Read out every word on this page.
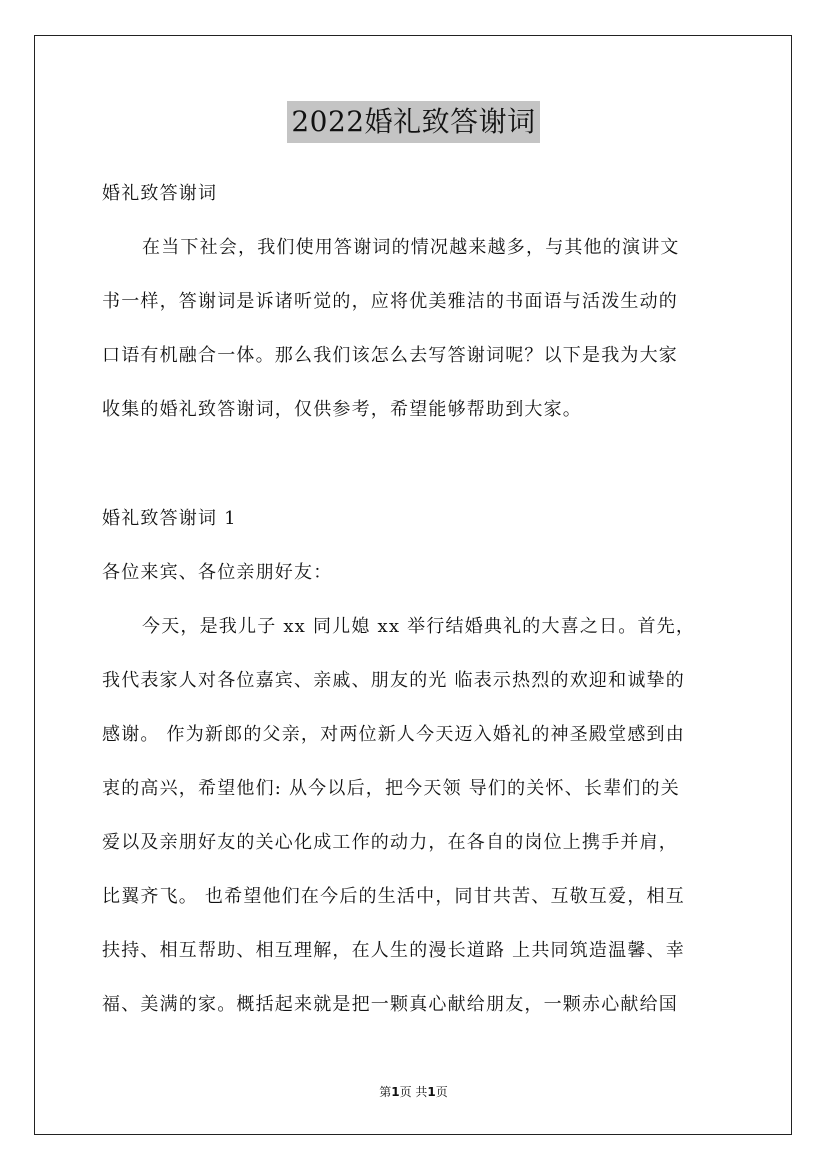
2022婚礼致答谢词
婚礼致答谢词
在当下社会，我们使用答谢词的情况越来越多，与其他的演讲文
书一样，答谢词是诉诸听觉的，应将优美雅洁的书面语与活泼生动的
口语有机融合一体。那么我们该怎么去写答谢词呢？以下是我为大家
收集的婚礼致答谢词，仅供参考，希望能够帮助到大家。
婚礼致答谢词 1
各位来宾、各位亲朋好友：
今天，是我儿子 xx 同儿媳 xx 举行结婚典礼的大喜之日。首先，
我代表家人对各位嘉宾、亲戚、朋友的光 临表示热烈的欢迎和诚挚的
感谢。 作为新郎的父亲，对两位新人今天迈入婚礼的神圣殿堂感到由
衷的高兴，希望他们: 从今以后，把今天领 导们的关怀、长辈们的关
爱以及亲朋好友的关心化成工作的动力，在各自的岗位上携手并肩，
比翼齐飞。 也希望他们在今后的生活中，同甘共苦、互敬互爱，相互
扶持、相互帮助、相互理解，在人生的漫长道路 上共同筑造温馨、幸
福、美满的家。概括起来就是把一颗真心献给朋友，一颗赤心献给国
第1页 共1页
